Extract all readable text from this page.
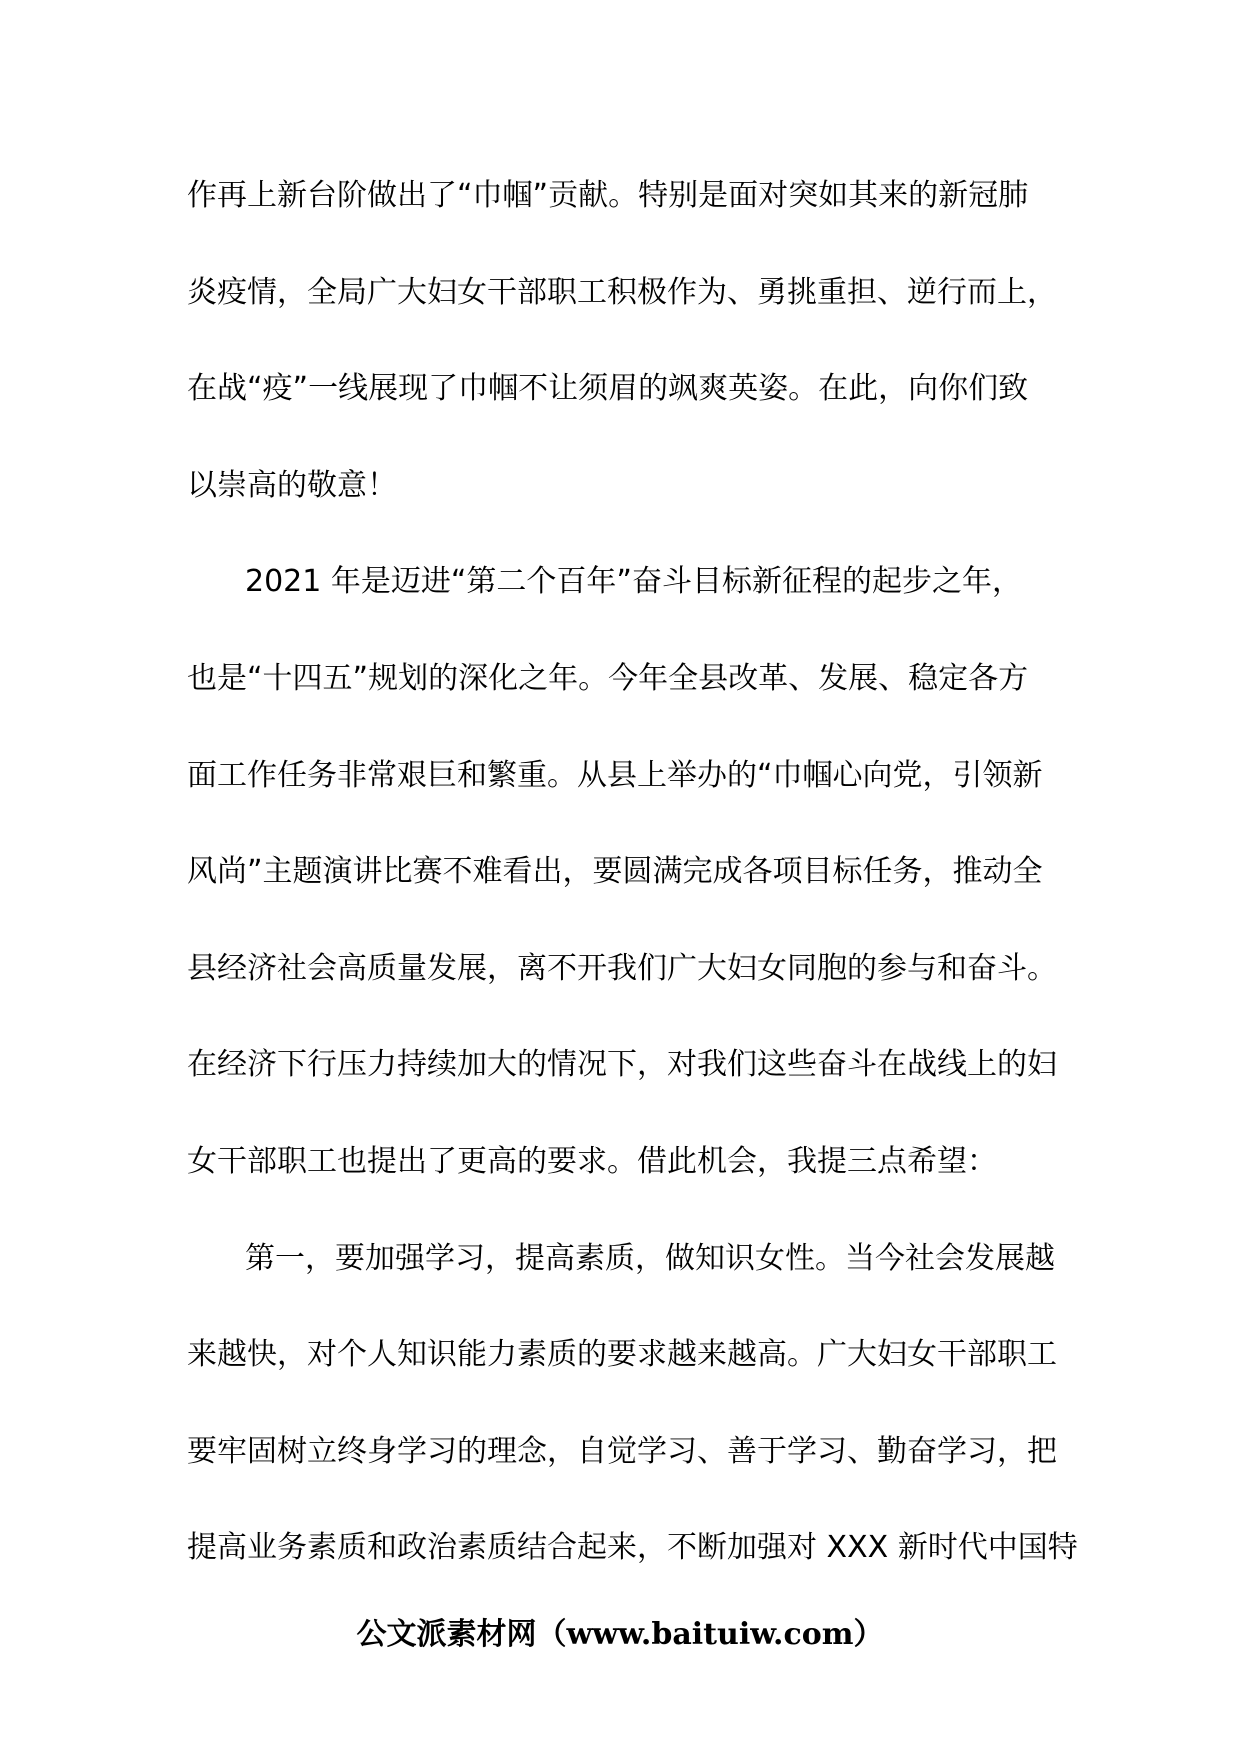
作再上新台阶做出了“巾帼”贡献。特别是面对突如其来的新冠肺
炎疫情，全局广大妇女干部职工积极作为、勇挑重担、逆行而上，
在战“疫”一线展现了巾帼不让须眉的飒爽英姿。在此，向你们致
以崇高的敬意！
2021 年是迈进“第二个百年”奋斗目标新征程的起步之年，
也是“十四五”规划的深化之年。今年全县改革、发展、稳定各方
面工作任务非常艰巨和繁重。从县上举办的“巾帼心向党，引领新
风尚”主题演讲比赛不难看出，要圆满完成各项目标任务，推动全
县经济社会高质量发展，离不开我们广大妇女同胞的参与和奋斗。
在经济下行压力持续加大的情况下，对我们这些奋斗在战线上的妇
女干部职工也提出了更高的要求。借此机会，我提三点希望：
第一，要加强学习，提高素质，做知识女性。当今社会发展越
来越快，对个人知识能力素质的要求越来越高。广大妇女干部职工
要牢固树立终身学习的理念，自觉学习、善于学习、勤奋学习，把
提高业务素质和政治素质结合起来，不断加强对 XXX 新时代中国特
公文派素材网（www.baituiw.com）
